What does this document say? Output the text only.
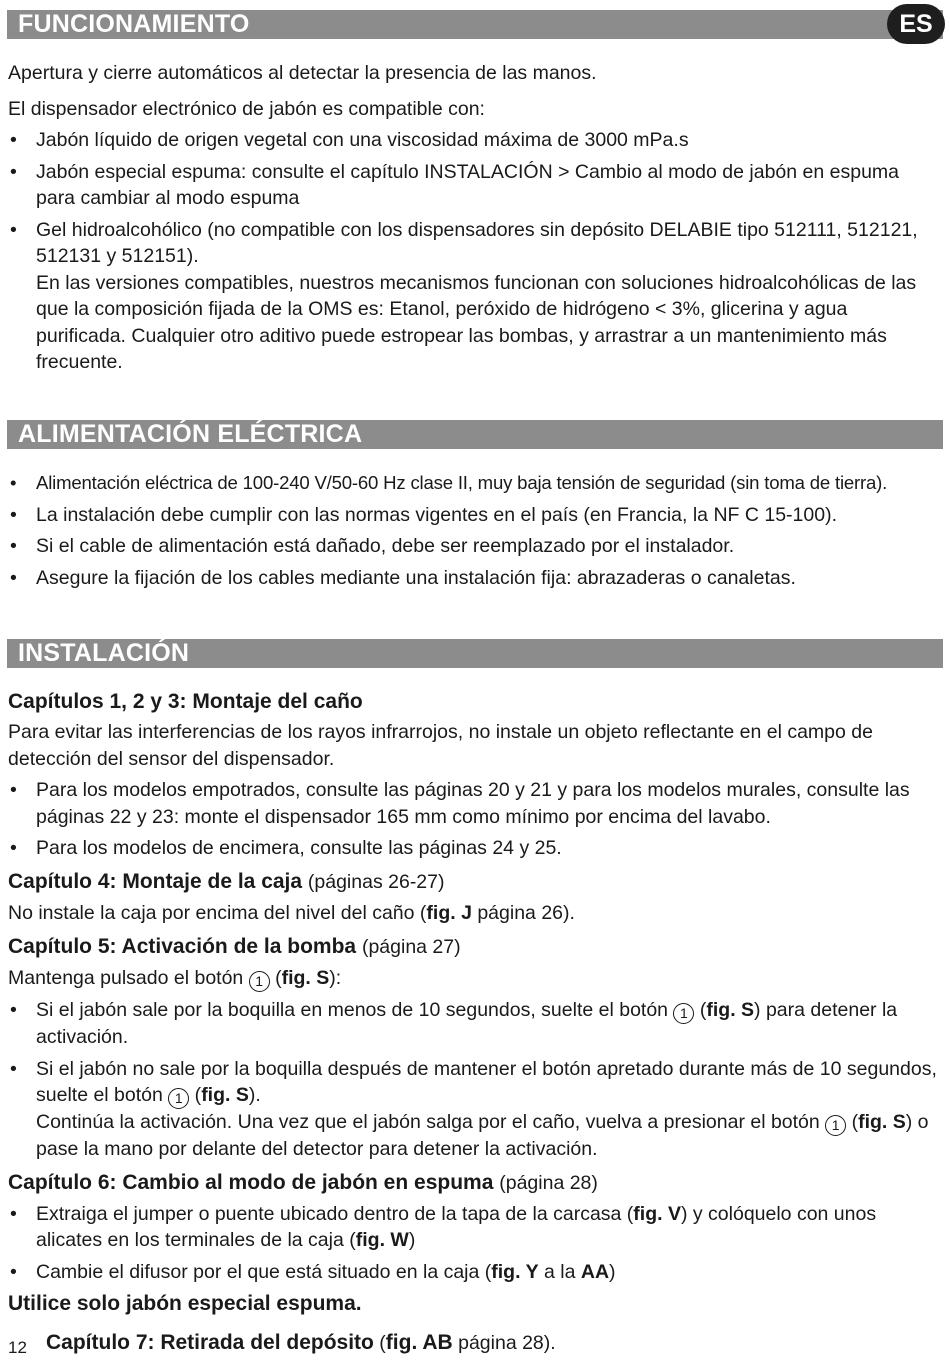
FUNCIONAMIENTO	ES

Apertura y cierre automáticos al detectar la presencia de las manos.

El dispensador electrónico de jabón es compatible con:

• Jabón líquido de origen vegetal con una viscosidad máxima de 3000 mPa.s
• Jabón especial espuma: consulte el capítulo INSTALACIÓN > Cambio al modo de jabón en espuma para cambiar al modo espuma
• Gel hidroalcohólico (no compatible con los dispensadores sin depósito DELABIE tipo 512111, 512121, 512131 y 512151).
En las versiones compatibles, nuestros mecanismos funcionan con soluciones hidroalcohólicas de las que la composición fijada de la OMS es: Etanol, peróxido de hidrógeno < 3%, glicerina y agua purificada. Cualquier otro aditivo puede estropear las bombas, y arrastrar a un mantenimiento más frecuente.
ALIMENTACIÓN ELÉCTRICA
• Alimentación eléctrica de 100-240 V/50-60 Hz clase II, muy baja tensión de seguridad (sin toma de tierra).
• La instalación debe cumplir con las normas vigentes en el país (en Francia, la NF C 15-100).
• Si el cable de alimentación está dañado, debe ser reemplazado por el instalador.
• Asegure la fijación de los cables mediante una instalación fija: abrazaderas o canaletas.
INSTALACIÓN
Capítulos 1, 2 y 3: Montaje del caño

Para evitar las interferencias de los rayos infrarrojos, no instale un objeto reflectante en el campo de detección del sensor del dispensador.

• Para los modelos empotrados, consulte las páginas 20 y 21 y para los modelos murales, consulte las páginas 22 y 23: monte el dispensador 165 mm como mínimo por encima del lavabo.
• Para los modelos de encimera, consulte las páginas 24 y 25.
Capítulo 4: Montaje de la caja (páginas 26-27)

No instale la caja por encima del nivel del caño (fig. J página 26).

Capítulo 5: Activación de la bomba (página 27)

Mantenga pulsado el botón 1 (fig. S):

• Si el jabón sale por la boquilla en menos de 10 segundos, suelte el botón 1 (fig. S) para detener la activación.
• Si el jabón no sale por la boquilla después de mantener el botón apretado durante más de 10 segundos, suelte el botón 1 (fig. S).
Continúa la activación. Una vez que el jabón salga por el caño, vuelva a presionar el botón 1 (fig. S) o pase la mano por delante del detector para detener la activación.
Capítulo 6: Cambio al modo de jabón en espuma (página 28)
• Extraiga el jumper o puente ubicado dentro de la tapa de la carcasa (fig. V) y colóquelo con unos alicates en los terminales de la caja (fig. W)
• Cambie el difusor por el que está situado en la caja (fig. Y a la AA)
Utilice solo jabón especial espuma.
12 Capítulo 7: Retirada del depósito (fig. AB página 28).
